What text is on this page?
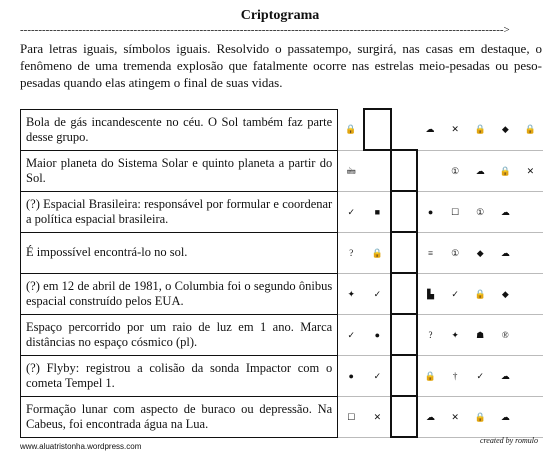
Criptograma
------------------------------------------------------------------------------------------------------------------------------------>
Para letras iguais, símbolos iguais. Resolvido o passatempo, surgirá, nas casas em destaque, o fenômeno de uma tremenda explosão que fatalmente ocorre nas estrelas meio-pesadas ou peso-pesadas quando elas atingem o final de suas vidas.
Bola de gás incandescente no céu. O Sol também faz parte desse grupo.	🔒			☁	✕	🔒	◆	🔒
Maior planeta do Sistema Solar e quinto planeta a partir do Sol.	🖮				①	☁	🔒	✕
(?) Espacial Brasileira: responsável por formular e coordenar a política espacial brasileira.	✓	■		●	☐	①	☁	
É impossível encontrá-lo no sol.	?	🔒		≡	①	◆	☁	
(?) em 12 de abril de 1981, o Columbia foi o segundo ônibus espacial construído pelos EUA.	✦	✓		▙	✓	🔒	◆	
Espaço percorrido por um raio de luz em 1 ano. Marca distâncias no espaço cósmico (pl).	✓	●		?	✦	☗	®	
(?) Flyby: registrou a colisão da sonda Impactor com o cometa Tempel 1.	●	✓		🔒	†	✓	☁	
Formação lunar com aspecto de buraco ou depressão. Na Cabeus, foi encontrada água na Lua.	☐	✕		☁	✕	🔒	☁	
www.aluatristonha.wordpress.com
created by romulo
